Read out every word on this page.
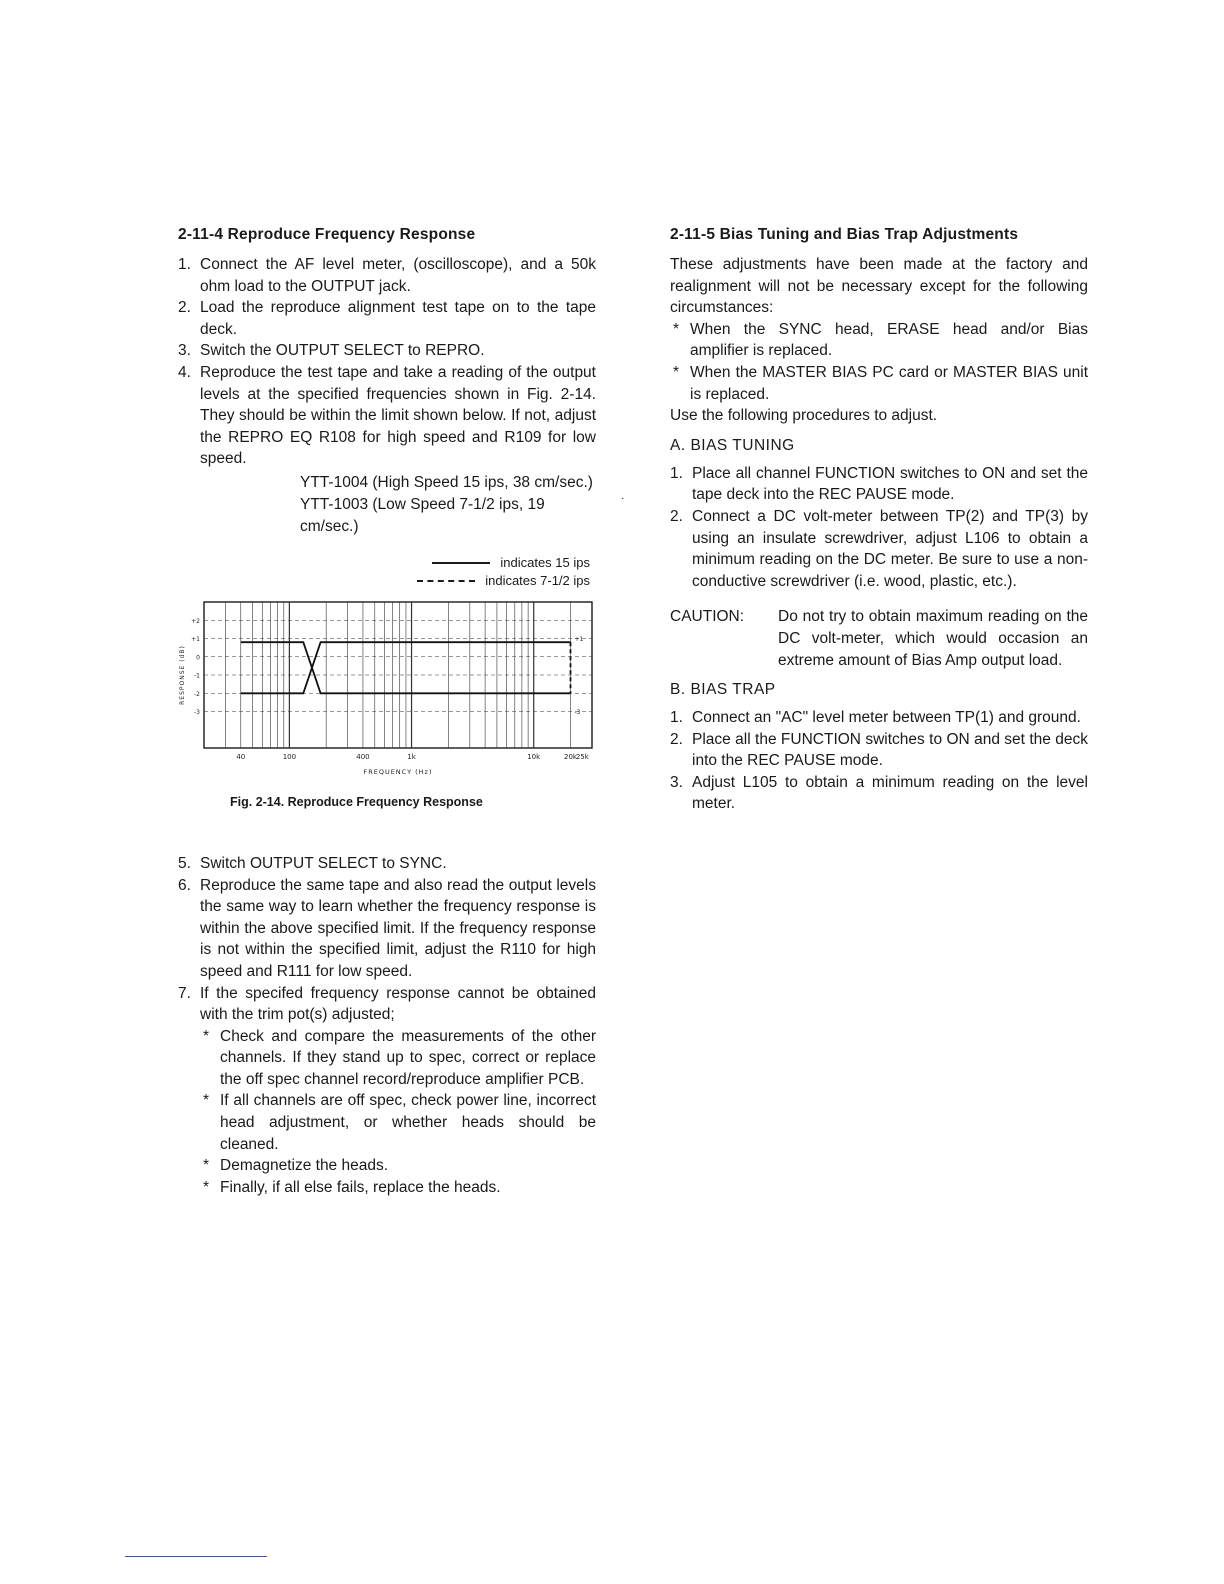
2-11-4 Reproduce Frequency Response
1. Connect the AF level meter, (oscilloscope), and a 50k ohm load to the OUTPUT jack.
2. Load the reproduce alignment test tape on to the tape deck.
3. Switch the OUTPUT SELECT to REPRO.
4. Reproduce the test tape and take a reading of the output levels at the specified frequencies shown in Fig. 2-14. They should be within the limit shown below. If not, adjust the REPRO EQ R108 for high speed and R109 for low speed.

YTT-1004 (High Speed 15 ips, 38 cm/sec.)

YTT-1003 (Low Speed 7-1/2 ips, 19 cm/sec.)

indicates 15 ips
indicates 7-1/2 ips
40	100	400	1k	10k	20k
25k
+2
+1
0
-1
-2
-3
+1
-3
FREQUENCY (Hz)
RESPONSE (dB)
Fig. 2-14. Reproduce Frequency Response
5. Switch OUTPUT SELECT to SYNC.
6. Reproduce the same tape and also read the output levels the same way to learn whether the frequency response is within the above specified limit. If the frequency response is not within the specified limit, adjust the R110 for high speed and R111 for low speed.
7. If the specifed frequency response cannot be obtained with the trim pot(s) adjusted;
* Check and compare the measurements of the other channels. If they stand up to spec, correct or replace the off spec channel record/reproduce amplifier PCB.
* If all channels are off spec, check power line, incorrect head adjustment, or whether heads should be cleaned.
* Demagnetize the heads.
* Finally, if all else fails, replace the heads.
2-11-5 Bias Tuning and Bias Trap Adjustments

These adjustments have been made at the factory and realignment will not be necessary except for the following circumstances:

* When the SYNC head, ERASE head and/or Bias amplifier is replaced.
* When the MASTER BIAS PC card or MASTER BIAS unit is replaced.

Use the following procedures to adjust.

A. BIAS TUNING
1. Place all channel FUNCTION switches to ON and set the tape deck into the REC PAUSE mode.
2. Connect a DC volt-meter between TP(2) and TP(3) by using an insulate screwdriver, adjust L106 to obtain a minimum reading on the DC meter. Be sure to use a non-conductive screwdriver (i.e. wood, plastic, etc.).
CAUTION:	Do not try to obtain maximum reading on the DC volt-meter, which would occasion an extreme amount of Bias Amp output load.
B. BIAS TRAP
1. Connect an "AC" level meter between TP(1) and ground.
2. Place all the FUNCTION switches to ON and set the deck into the REC PAUSE mode.
3. Adjust L105 to obtain a minimum reading on the level meter.
.
